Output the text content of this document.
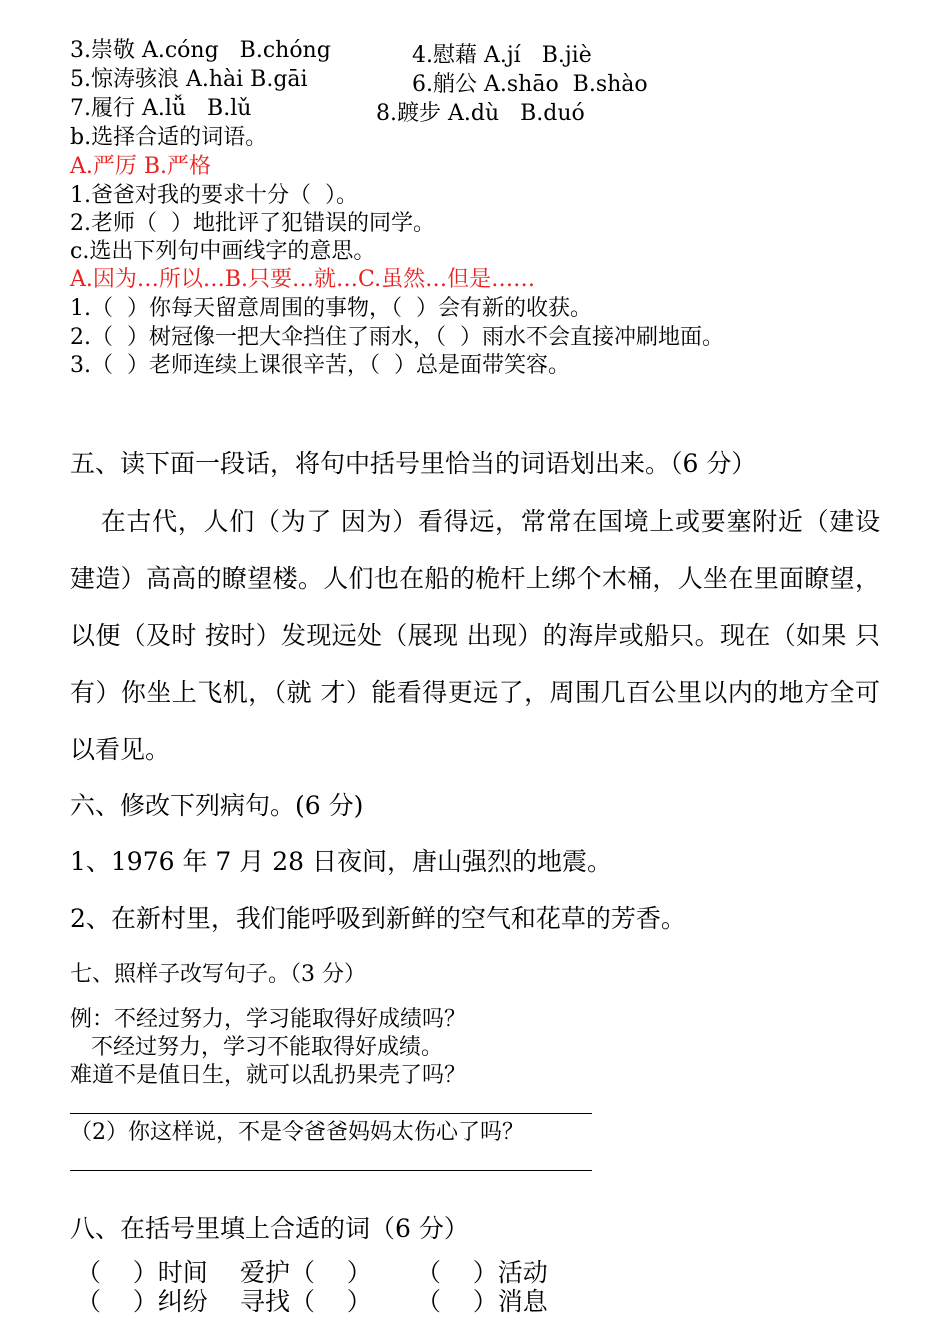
3.崇敬 A.cóng   B.chóng	4.慰藉 A.jí   B.jiè
5.惊涛骇浪 A.hài B.gāi	6.艄公 A.shāo  B.shào
7.履行 A.lǚ   B.lǔ	8.踱步 A.dù   B.duó
b.选择合适的词语。
A.严厉 B.严格
1.爸爸对我的要求十分（  ）。
2.老师（  ）地批评了犯错误的同学。
c.选出下列句中画线字的意思。
A.因为…所以…B.只要…就…C.虽然…但是……
1.（  ）你每天留意周围的事物，（  ）会有新的收获。
2.（  ）树冠像一把大伞挡住了雨水，（  ）雨水不会直接冲刷地面。
3.（  ）老师连续上课很辛苦，（  ）总是面带笑容。
五、读下面一段话，将句中括号里恰当的词语划出来。（6 分）
在古代，人们（为了 因为）看得远，常常在国境上或要塞附近（建设 建造）高高的瞭望楼。人们也在船的桅杆上绑个木桶，人坐在里面瞭望，以便（及时 按时）发现远处（展现 出现）的海岸或船只。现在（如果 只有）你坐上飞机，（就 才）能看得更远了，周围几百公里以内的地方全可以看见。
六、修改下列病句。(6 分)
1、1976 年 7 月 28 日夜间，唐山强烈的地震。
2、在新村里，我们能呼吸到新鲜的空气和花草的芳香。
七、照样子改写句子。（3 分）
例：不经过努力，学习能取得好成绩吗？
不经过努力，学习不能取得好成绩。
难道不是值日生，就可以乱扔果壳了吗？
（2）你这样说，不是令爸爸妈妈太伤心了吗？
八、在括号里填上合适的词（6 分）
（    ）时间 爱护（    ） （    ）活动
（    ）纠纷 寻找（    ） （    ）消息
